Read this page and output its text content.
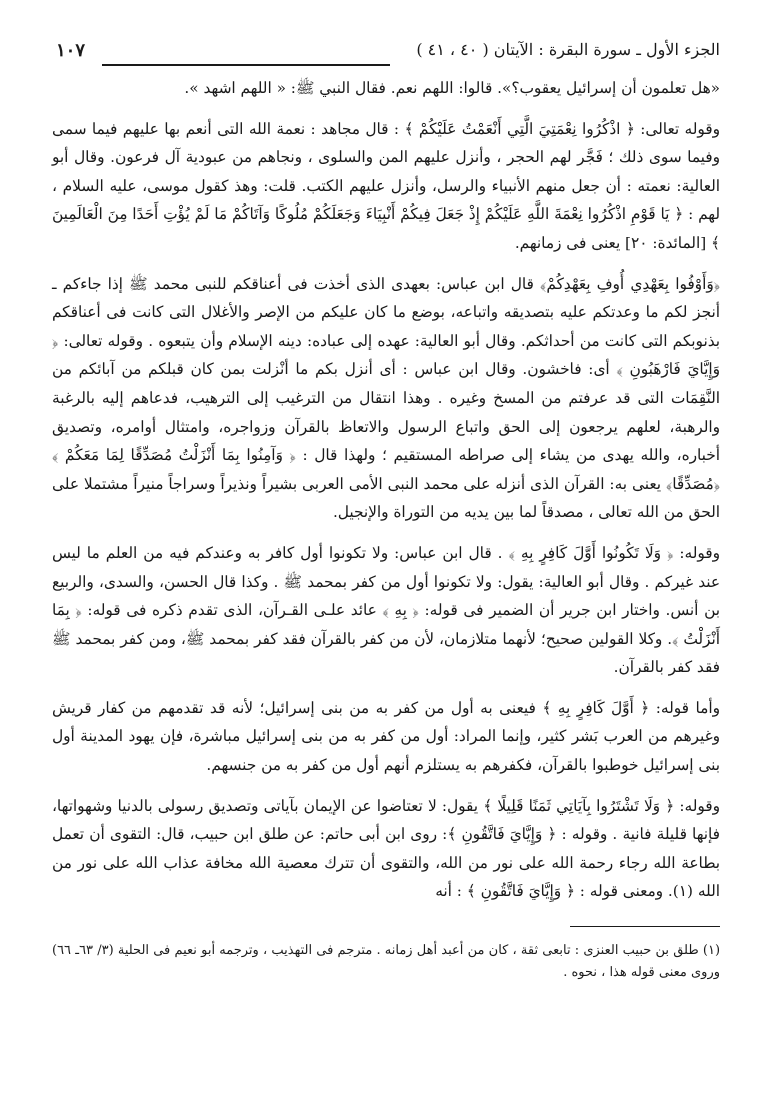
الجزء الأول ـ سورة البقرة : الآيتان ( ٤٠ ، ٤١ )
١٠٧

«هل تعلمون أن إسرائيل يعقوب؟». قالوا: اللهم نعم. فقال النبي ﷺ: « اللهم اشهد ».

وقوله تعالى: ﴿ اذْكُرُوا نِعْمَتِيَ الَّتِي أَنْعَمْتُ عَلَيْكُمْ ﴾ : قال مجاهد : نعمة الله التى أنعم بها عليهم فيما سمى وفيما سوى ذلك ؛ فَجَّر لهم الحجر ، وأنزل عليهم المن والسلوى ، ونجاهم من عبودية آل فرعون. وقال أبو العالية: نعمته : أن جعل منهم الأنبياء والرسل، وأنزل عليهم الكتب. قلت: وهذ كقول موسى، عليه السلام ، لهم : ﴿ يَا قَوْمِ اذْكُرُوا نِعْمَةَ اللَّهِ عَلَيْكُمْ إِذْ جَعَلَ فِيكُمْ أَنْبِيَاءَ وَجَعَلَكُمْ مُلُوكًا وَآتَاكُمْ مَا لَمْ يُؤْتِ أَحَدًا مِنَ الْعَالَمِينَ ﴾ [المائدة: ٢٠] يعنى فى زمانهم.

﴿وَأَوْفُوا بِعَهْدِي أُوفِ بِعَهْدِكُمْ﴾ قال ابن عباس: بعهدى الذى أخذت فى أعناقكم للنبى محمد ﷺ إذا جاءكم ـ أنجز لكم ما وعدتكم عليه بتصديقه واتباعه، بوضع ما كان عليكم من الإصر والأغلال التى كانت فى أعناقكم بذنوبكم التى كانت من أحداثكم. وقال أبو العالية: عهده إلى عباده: دينه الإسلام وأن يتبعوه . وقوله تعالى: ﴿ وَإِيَّايَ فَارْهَبُونِ ﴾ أى: فاخشون. وقال ابن عباس : أى أنزل بكم ما أنْزلت بمن كان قبلكم من آبائكم من النَّقِمَات التى قد عرفتم من المسخ وغيره . وهذا انتقال من الترغيب إلى الترهيب، فدعاهم إليه بالرغبة والرهبة، لعلهم يرجعون إلى الحق واتباع الرسول والاتعاظ بالقرآن وزواجره، وامتثال أوامره، وتصديق أخباره، والله يهدى من يشاء إلى صراطه المستقيم ؛ ولهذا قال : ﴿ وَآمِنُوا بِمَا أَنْزَلْتُ مُصَدِّقًا لِمَا مَعَكُمْ ﴾ ﴿مُصَدِّقًا﴾ يعنى به: القرآن الذى أنزله على محمد النبى الأمى العربى بشيراً ونذيراً وسراجاً منيراً مشتملا على الحق من الله تعالى ، مصدقاً لما بين يديه من التوراة والإنجيل.

وقوله: ﴿ وَلَا تَكُونُوا أَوَّلَ كَافِرٍ بِهِ ﴾ . قال ابن عباس: ولا تكونوا أول كافر به وعندكم فيه من العلم ما ليس عند غيركم . وقال أبو العالية: يقول: ولا تكونوا أول من كفر بمحمد ﷺ . وكذا قال الحسن، والسدى، والربيع بن أنس. واختار ابن جرير أن الضمير فى قوله: ﴿ بِهِ ﴾ عائد علـى القـرآن، الذى تقدم ذكره فى قوله: ﴿ بِمَا أَنْزَلْتُ ﴾. وكلا القولين صحيح؛ لأنهما متلازمان، لأن من كفر بالقرآن فقد كفر بمحمد ﷺ، ومن كفر بمحمد ﷺ فقد كفر بالقرآن.

وأما قوله: ﴿ أَوَّلَ كَافِرٍ بِهِ ﴾ فيعنى به أول من كفر به من بنى إسرائيل؛ لأنه قد تقدمهم من كفار قريش وغيرهم من العرب بَشر كثير، وإنما المراد: أول من كفر به من بنى إسرائيل مباشرة، فإن يهود المدينة أول بنى إسرائيل خوطبوا بالقرآن، فكفرهم به يستلزم أنهم أول من كفر به من جنسهم.

وقوله: ﴿ وَلَا تَشْتَرُوا بِآيَاتِي ثَمَنًا قَلِيلًا ﴾ يقول: لا تعتاضوا عن الإيمان بآياتى وتصديق رسولى بالدنيا وشهواتها، فإنها قليلة فانية . وقوله : ﴿ وَإِيَّايَ فَاتَّقُونِ ﴾: روى ابن أبى حاتم: عن طلق ابن حبيب، قال: التقوى أن تعمل بطاعة الله رجاء رحمة الله على نور من الله، والتقوى أن تترك معصية الله مخافة عذاب الله على نور من الله (١). ومعنى قوله : ﴿ وَإِيَّايَ فَاتَّقُونِ ﴾ : أنه

(١) طلق بن حبيب العنزى : تابعى ثقة ، كان من أعبد أهل زمانه . مترجم فى التهذيب ، وترجمه أبو نعيم فى الحلية (٣/ ٦٣ـ ٦٦) وروى معنى قوله هذا ، نحوه .
